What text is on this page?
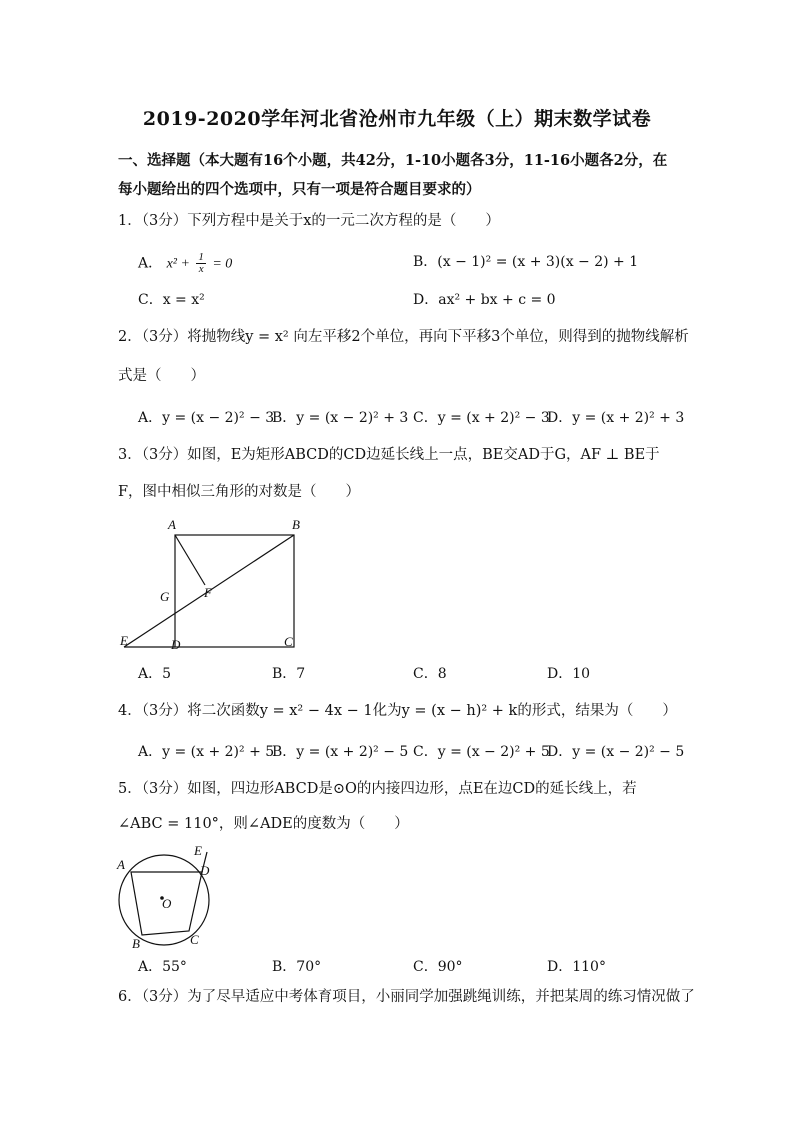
2019-2020学年河北省沧州市九年级（上）期末数学试卷
一、选择题（本大题有16个小题，共42分，1-10小题各3分，11-16小题各2分，在每小题给出的四个选项中，只有一项是符合题目要求的）
1．（3分）下列方程中是关于x的一元二次方程的是（　　）
A． $x^2 + \frac{1}{x} = 0$	B．(x − 1)² = (x + 3)(x − 2) + 1
C．x = x²	D．ax² + bx + c = 0
2．（3分）将抛物线y = x² 向左平移2个单位，再向下平移3个单位，则得到的抛物线解析
式是（　　）
A．y = (x − 2)² − 3
B．y = (x − 2)² + 3 C．y = (x + 2)² − 3
D．y = (x + 2)² + 3
3．（3分）如图，E为矩形ABCD的CD边延长线上一点，BE交AD于G，AF ⊥ BE于
F，图中相似三角形的对数是（　　）
A	B
C
D
E
F
G
A．5	B．7	C．8	D．10
4．（3分）将二次函数y = x² − 4x − 1化为y = (x − h)² + k的形式，结果为（　　）
A．y = (x + 2)² + 5
B．y = (x + 2)² − 5 C．y = (x − 2)² + 5
D．y = (x − 2)² − 5
5．（3分）如图，四边形ABCD是⊙O的内接四边形，点E在边CD的延长线上，若
∠ABC = 110°，则∠ADE的度数为（　　）
A
B	C
D
E
O
A．55°	B．70°	C．90°	D．110°
6．（3分）为了尽早适应中考体育项目，小丽同学加强跳绳训练，并把某周的练习情况做了
